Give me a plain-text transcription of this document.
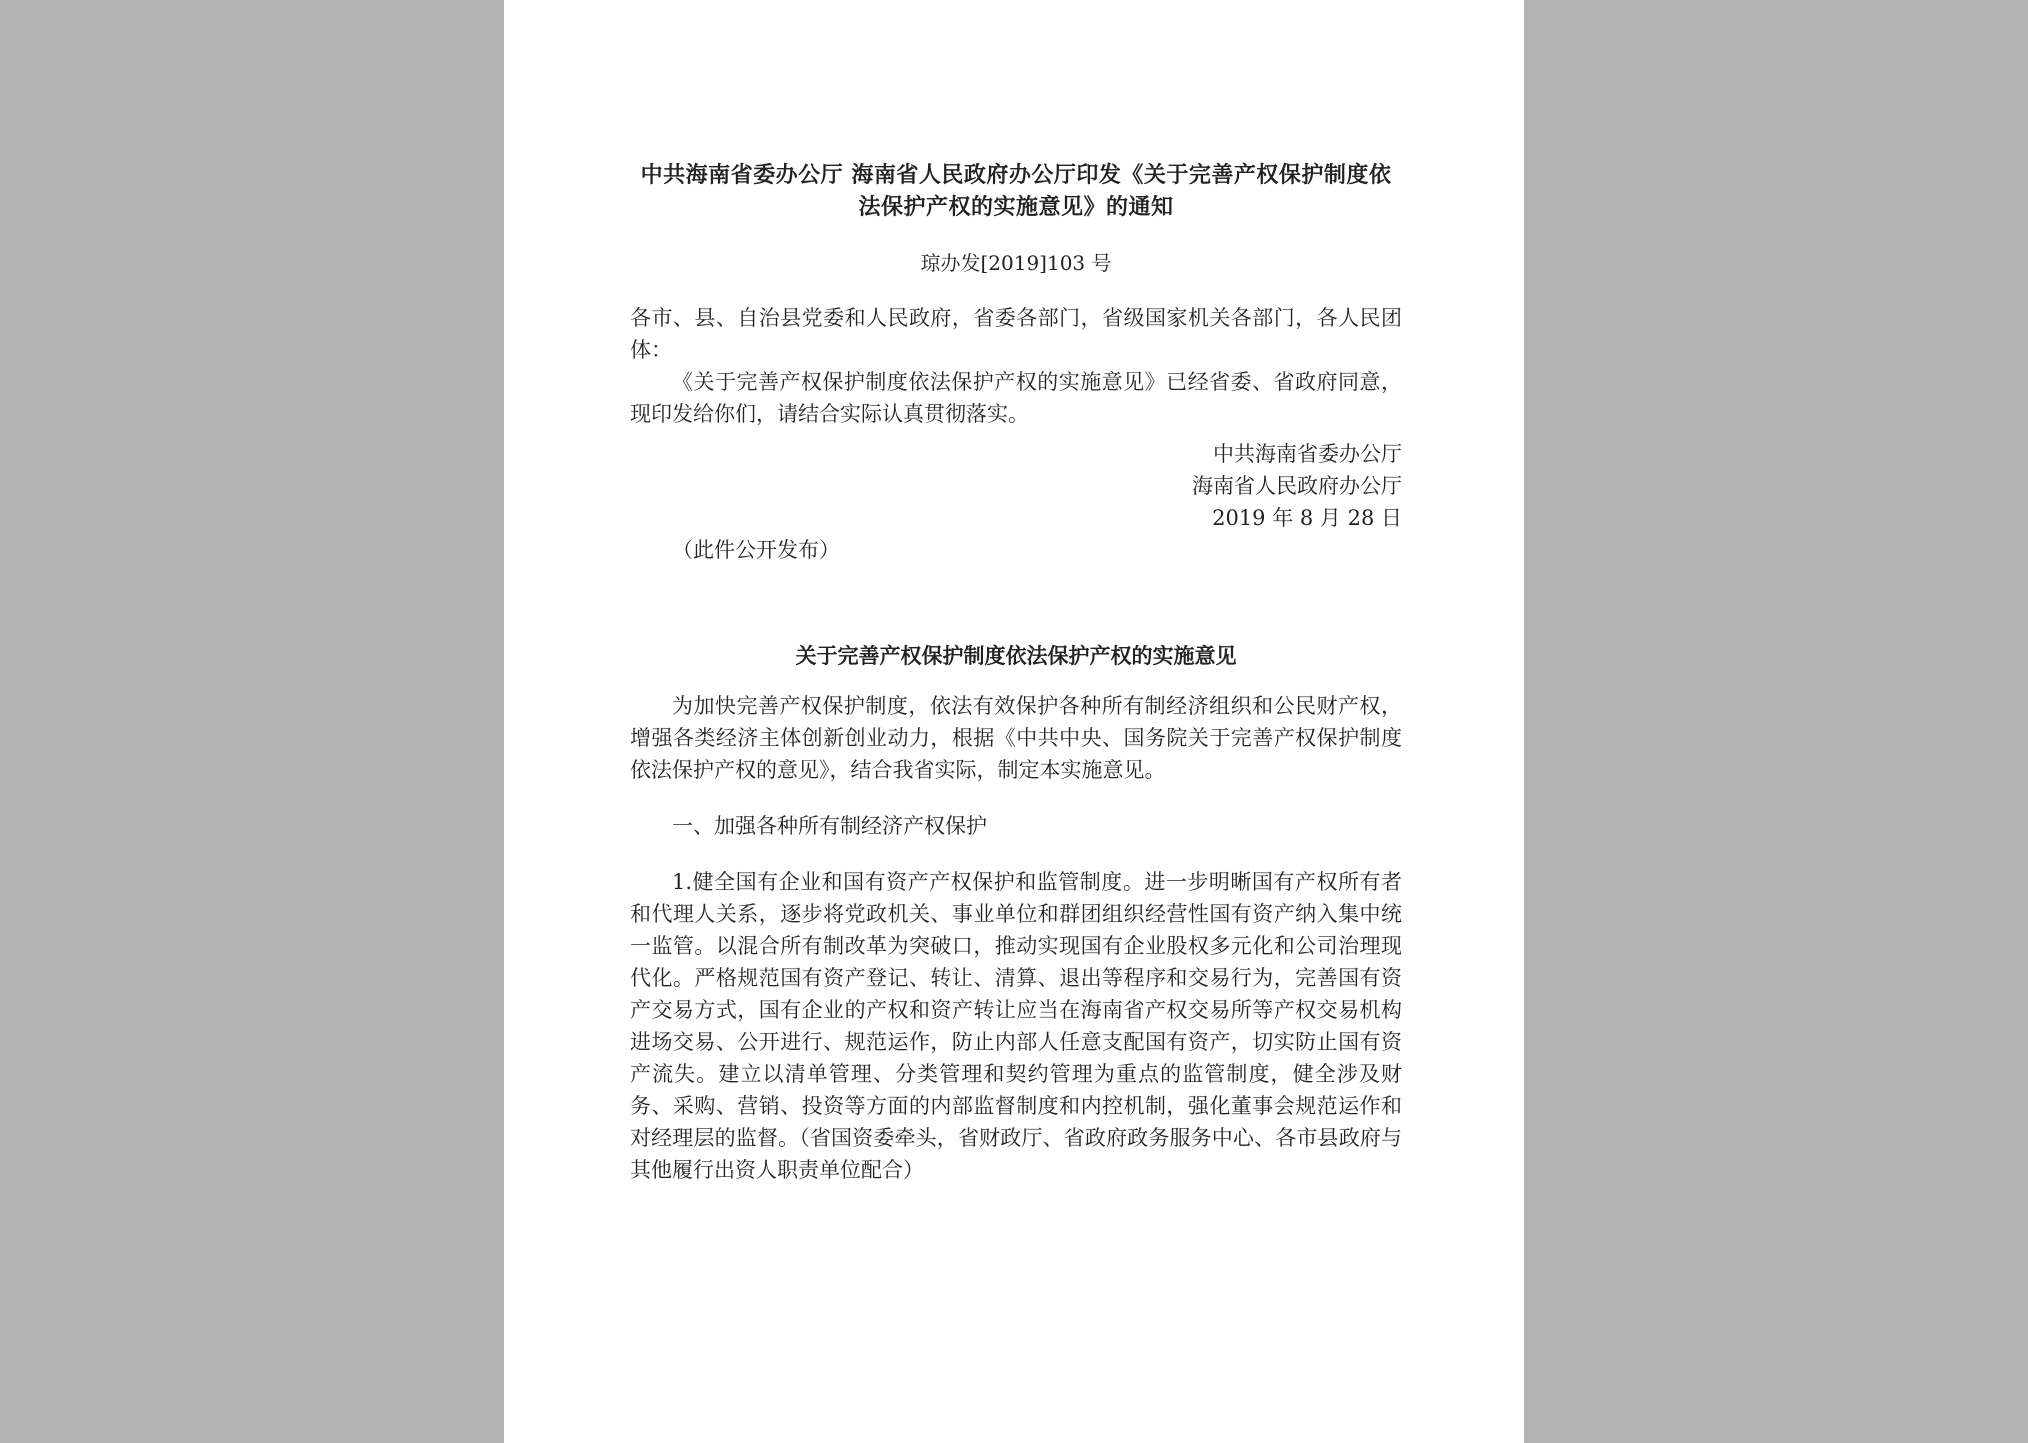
中共海南省委办公厅 海南省人民政府办公厅印发《关于完善产权保护制度依法保护产权的实施意见》的通知
琼办发[2019]103 号

各市、县、自治县党委和人民政府，省委各部门，省级国家机关各部门，各人民团体：

《关于完善产权保护制度依法保护产权的实施意见》已经省委、省政府同意，现印发给你们，请结合实际认真贯彻落实。

中共海南省委办公厅
海南省人民政府办公厅
2019 年 8 月 28 日
（此件公开发布）
关于完善产权保护制度依法保护产权的实施意见

为加快完善产权保护制度，依法有效保护各种所有制经济组织和公民财产权，增强各类经济主体创新创业动力，根据《中共中央、国务院关于完善产权保护制度依法保护产权的意见》，结合我省实际，制定本实施意见。

一、加强各种所有制经济产权保护

1.健全国有企业和国有资产产权保护和监管制度。进一步明晰国有产权所有者和代理人关系，逐步将党政机关、事业单位和群团组织经营性国有资产纳入集中统一监管。以混合所有制改革为突破口，推动实现国有企业股权多元化和公司治理现代化。严格规范国有资产登记、转让、清算、退出等程序和交易行为，完善国有资产交易方式，国有企业的产权和资产转让应当在海南省产权交易所等产权交易机构进场交易、公开进行、规范运作，防止内部人任意支配国有资产，切实防止国有资产流失。建立以清单管理、分类管理和契约管理为重点的监管制度，健全涉及财务、采购、营销、投资等方面的内部监督制度和内控机制，强化董事会规范运作和对经理层的监督。（省国资委牵头，省财政厅、省政府政务服务中心、各市县政府与其他履行出资人职责单位配合）
